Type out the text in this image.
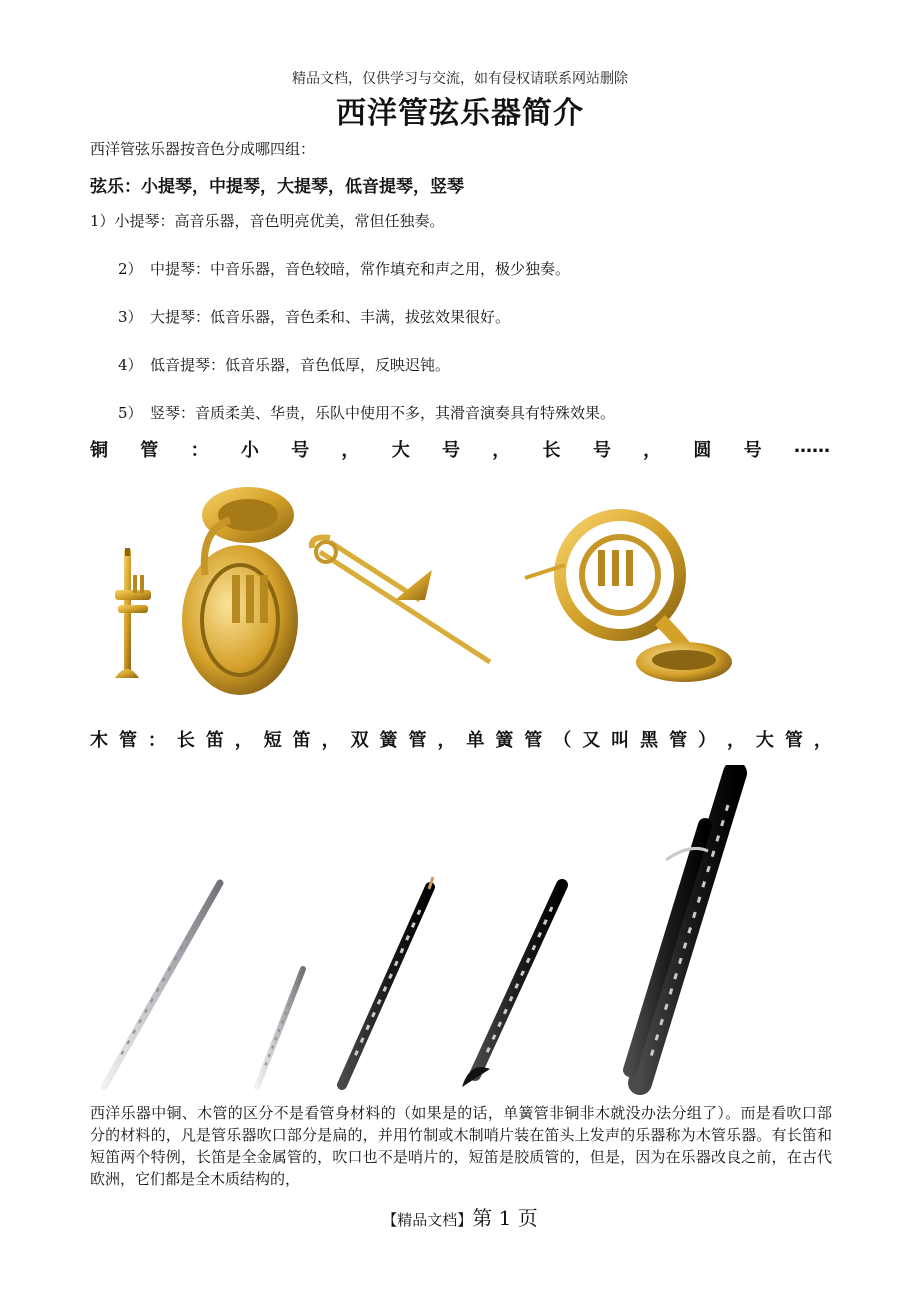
精品文档，仅供学习与交流，如有侵权请联系网站删除
西洋管弦乐器简介
西洋管弦乐器按音色分成哪四组：
弦乐：小提琴，中提琴，大提琴，低音提琴，竖琴
1）小提琴：高音乐器，音色明亮优美，常但任独奏。
2）　中提琴：中音乐器，音色较暗，常作填充和声之用，极少独奏。
3）　大提琴：低音乐器，音色柔和、丰满，拔弦效果很好。
4）　低音提琴：低音乐器，音色低厚，反映迟钝。
5）　竖琴：音质柔美、华贵，乐队中使用不多，其滑音演奏具有特殊效果。
铜 管 ： 小 号 ， 大 号 ， 长 号 ， 圆 号 ……
木 管 ： 长 笛 ， 短 笛 ， 双 簧 管 ， 单 簧 管 （ 又 叫 黑 管 ） ， 大 管 ，
西洋乐器中铜、木管的区分不是看管身材料的（如果是的话，单簧管非铜非木就没办法分组了）。而是看吹口部分的材料的，凡是管乐器吹口部分是扁的，并用竹制或木制哨片装在笛头上发声的乐器称为木管乐器。有长笛和短笛两个特例，长笛是全金属管的，吹口也不是哨片的，短笛是胶质管的，但是，因为在乐器改良之前，在古代欧洲，它们都是全木质结构的，
【精品文档】第 1 页
